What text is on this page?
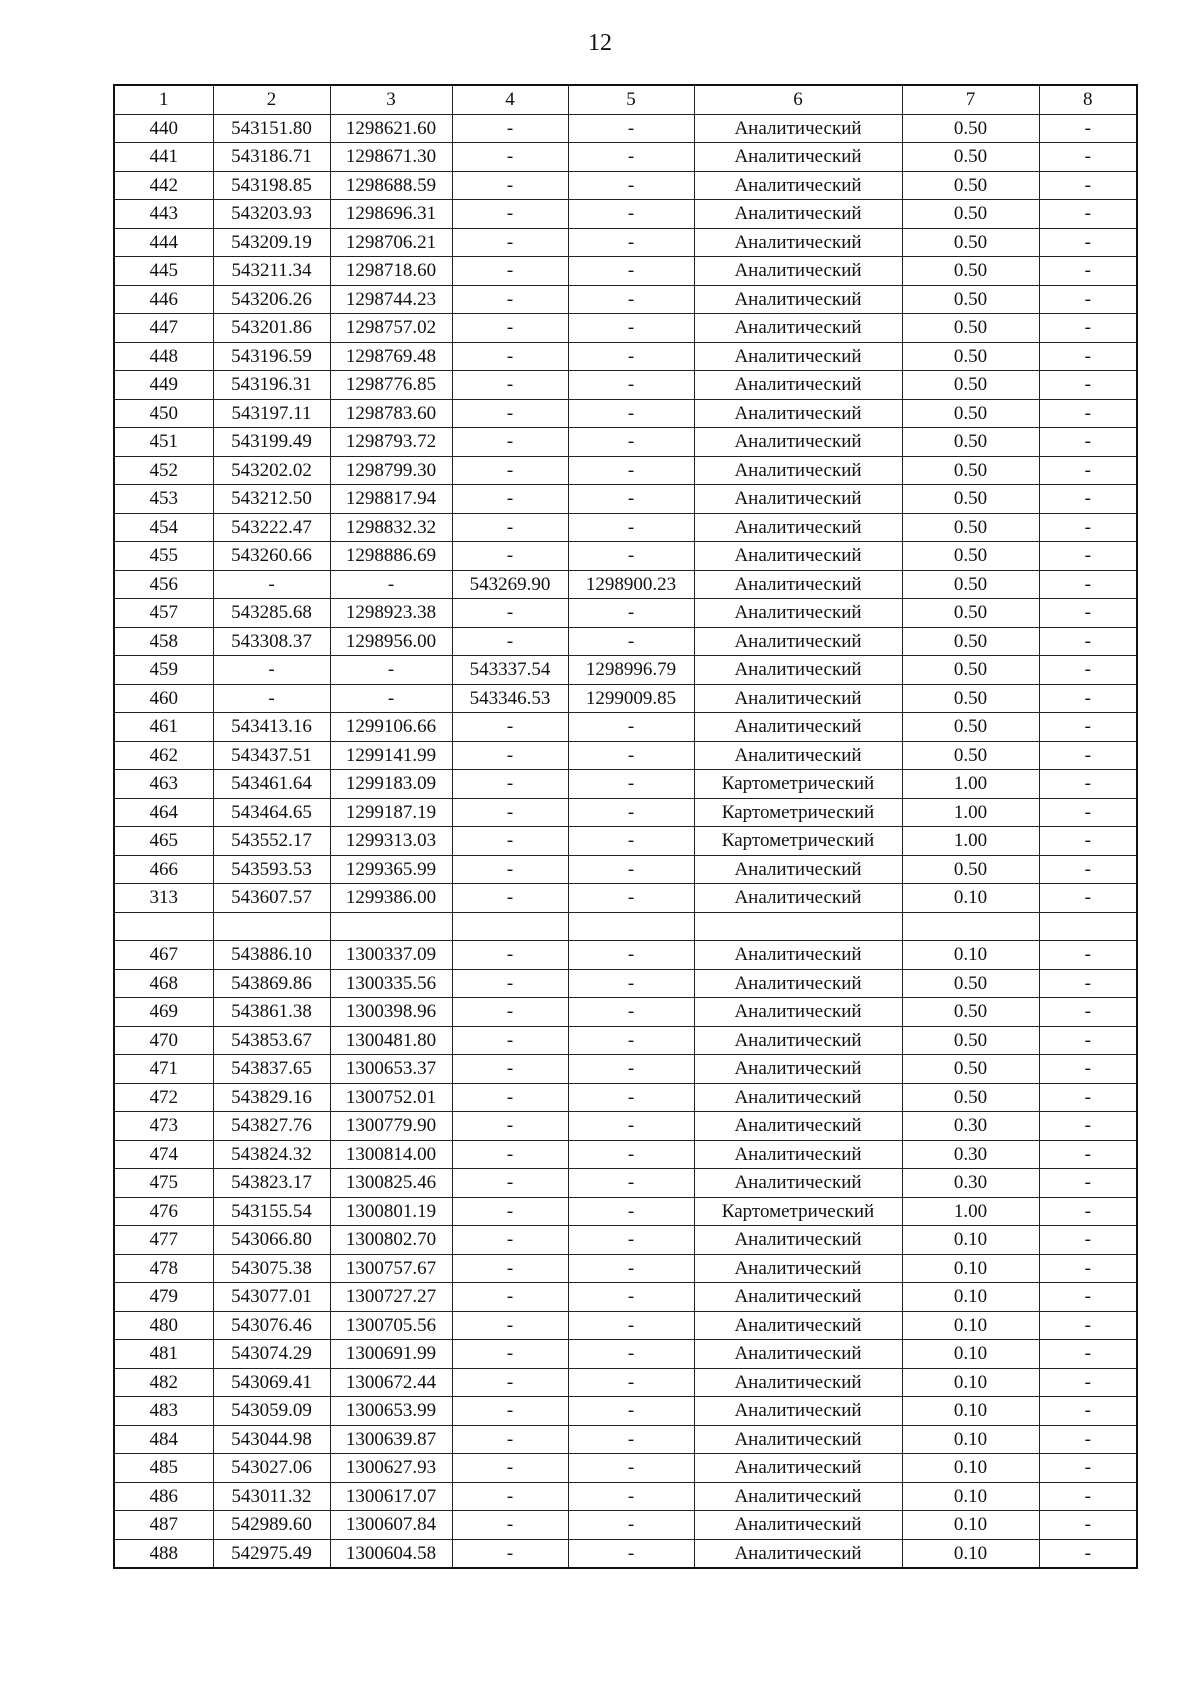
12
1	2	3	4	5	6	7	8
440	543151.80	1298621.60	-	-	Аналитический	0.50	-
441	543186.71	1298671.30	-	-	Аналитический	0.50	-
442	543198.85	1298688.59	-	-	Аналитический	0.50	-
443	543203.93	1298696.31	-	-	Аналитический	0.50	-
444	543209.19	1298706.21	-	-	Аналитический	0.50	-
445	543211.34	1298718.60	-	-	Аналитический	0.50	-
446	543206.26	1298744.23	-	-	Аналитический	0.50	-
447	543201.86	1298757.02	-	-	Аналитический	0.50	-
448	543196.59	1298769.48	-	-	Аналитический	0.50	-
449	543196.31	1298776.85	-	-	Аналитический	0.50	-
450	543197.11	1298783.60	-	-	Аналитический	0.50	-
451	543199.49	1298793.72	-	-	Аналитический	0.50	-
452	543202.02	1298799.30	-	-	Аналитический	0.50	-
453	543212.50	1298817.94	-	-	Аналитический	0.50	-
454	543222.47	1298832.32	-	-	Аналитический	0.50	-
455	543260.66	1298886.69	-	-	Аналитический	0.50	-
456	-	-	543269.90	1298900.23	Аналитический	0.50	-
457	543285.68	1298923.38	-	-	Аналитический	0.50	-
458	543308.37	1298956.00	-	-	Аналитический	0.50	-
459	-	-	543337.54	1298996.79	Аналитический	0.50	-
460	-	-	543346.53	1299009.85	Аналитический	0.50	-
461	543413.16	1299106.66	-	-	Аналитический	0.50	-
462	543437.51	1299141.99	-	-	Аналитический	0.50	-
463	543461.64	1299183.09	-	-	Картометрический	1.00	-
464	543464.65	1299187.19	-	-	Картометрический	1.00	-
465	543552.17	1299313.03	-	-	Картометрический	1.00	-
466	543593.53	1299365.99	-	-	Аналитический	0.50	-
313	543607.57	1299386.00	-	-	Аналитический	0.10	-

467	543886.10	1300337.09	-	-	Аналитический	0.10	-
468	543869.86	1300335.56	-	-	Аналитический	0.50	-
469	543861.38	1300398.96	-	-	Аналитический	0.50	-
470	543853.67	1300481.80	-	-	Аналитический	0.50	-
471	543837.65	1300653.37	-	-	Аналитический	0.50	-
472	543829.16	1300752.01	-	-	Аналитический	0.50	-
473	543827.76	1300779.90	-	-	Аналитический	0.30	-
474	543824.32	1300814.00	-	-	Аналитический	0.30	-
475	543823.17	1300825.46	-	-	Аналитический	0.30	-
476	543155.54	1300801.19	-	-	Картометрический	1.00	-
477	543066.80	1300802.70	-	-	Аналитический	0.10	-
478	543075.38	1300757.67	-	-	Аналитический	0.10	-
479	543077.01	1300727.27	-	-	Аналитический	0.10	-
480	543076.46	1300705.56	-	-	Аналитический	0.10	-
481	543074.29	1300691.99	-	-	Аналитический	0.10	-
482	543069.41	1300672.44	-	-	Аналитический	0.10	-
483	543059.09	1300653.99	-	-	Аналитический	0.10	-
484	543044.98	1300639.87	-	-	Аналитический	0.10	-
485	543027.06	1300627.93	-	-	Аналитический	0.10	-
486	543011.32	1300617.07	-	-	Аналитический	0.10	-
487	542989.60	1300607.84	-	-	Аналитический	0.10	-
488	542975.49	1300604.58	-	-	Аналитический	0.10	-
